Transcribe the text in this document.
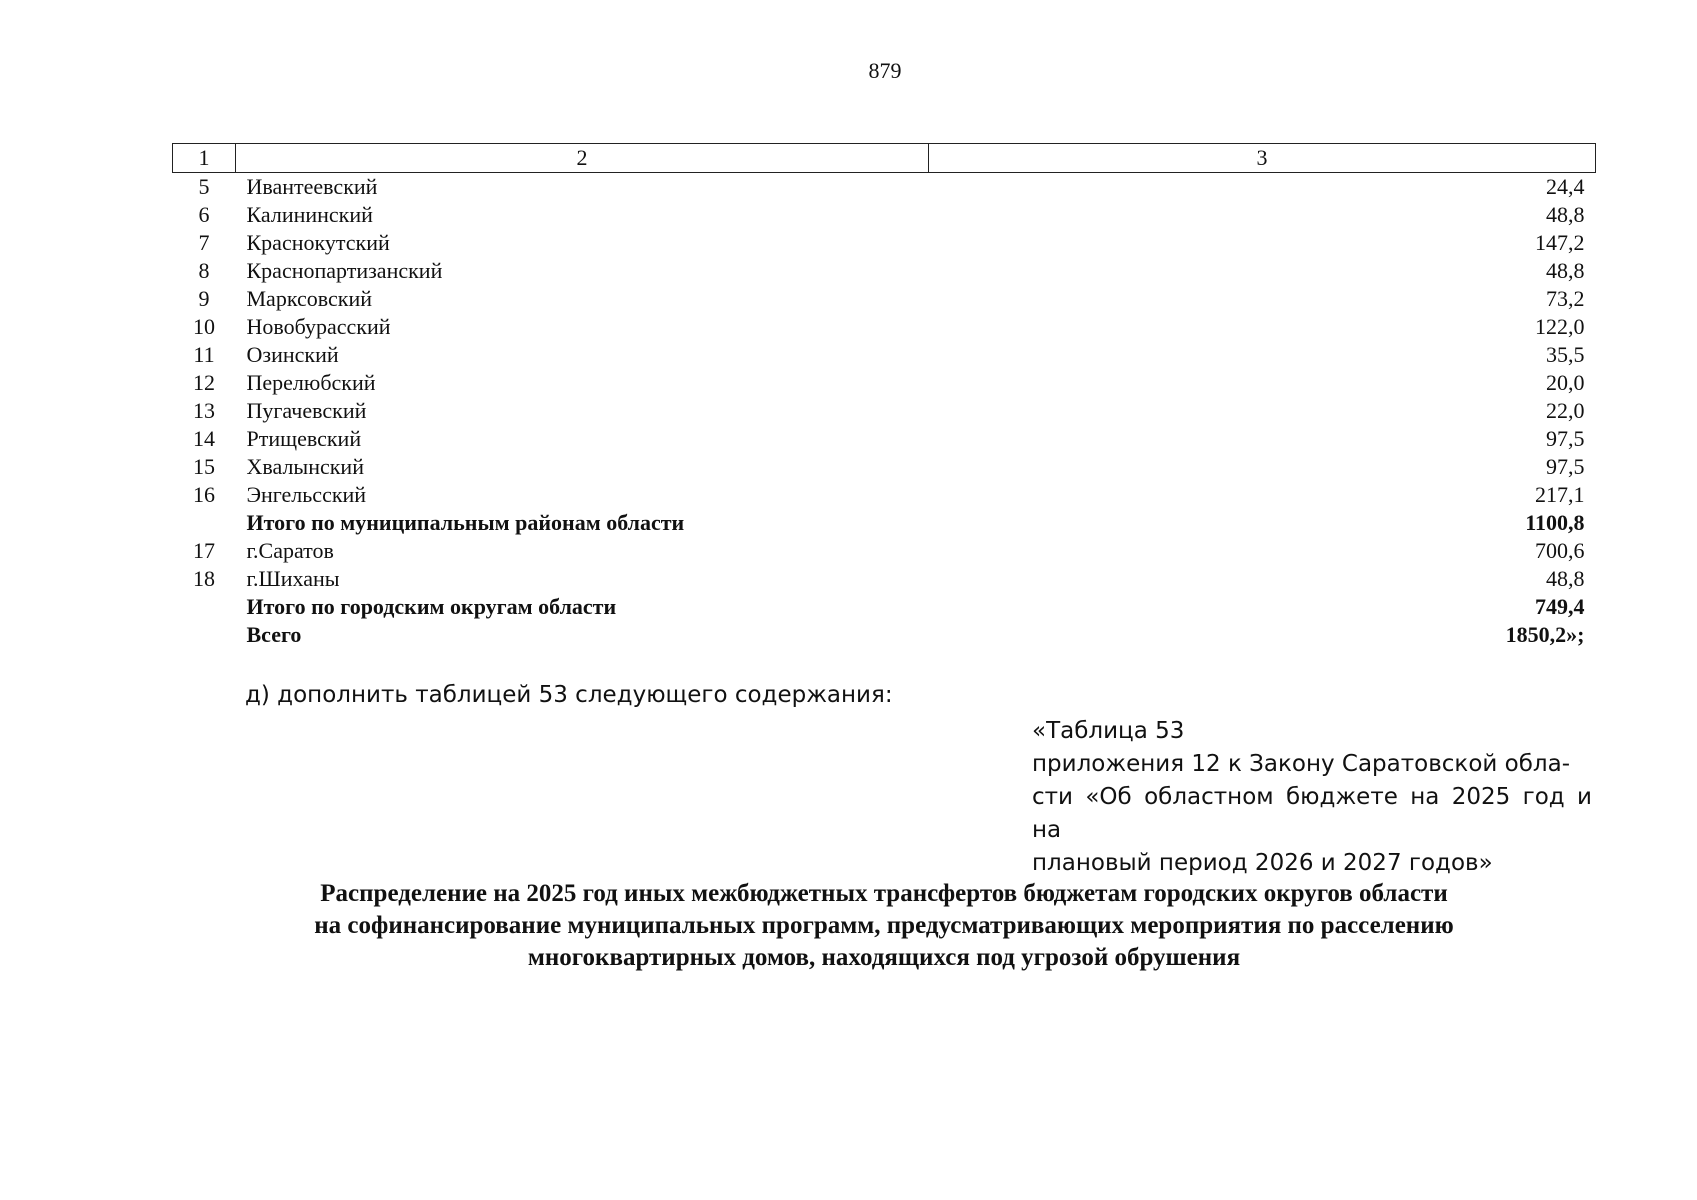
879
1	2	3
5	Ивантеевский	24,4
6	Калининский	48,8
7	Краснокутский	147,2
8	Краснопартизанский	48,8
9	Марксовский	73,2
10	Новобурасский	122,0
11	Озинский	35,5
12	Перелюбский	20,0
13	Пугачевский	22,0
14	Ртищевский	97,5
15	Хвалынский	97,5
16	Энгельсский	217,1
	Итого по муниципальным районам области	1100,8
17	г.Саратов	700,6
18	г.Шиханы	48,8
	Итого по городским округам области	749,4
	Всего	1850,2»;
д) дополнить таблицей 53 следующего содержания:
«Таблица 53
приложения 12 к Закону Саратовской обла-
сти «Об областном бюджете на 2025 год и на
плановый период 2026 и 2027 годов»
Распределение на 2025 год иных межбюджетных трансфертов бюджетам городских округов области
на софинансирование муниципальных программ, предусматривающих мероприятия по расселению
многоквартирных домов, находящихся под угрозой обрушения
